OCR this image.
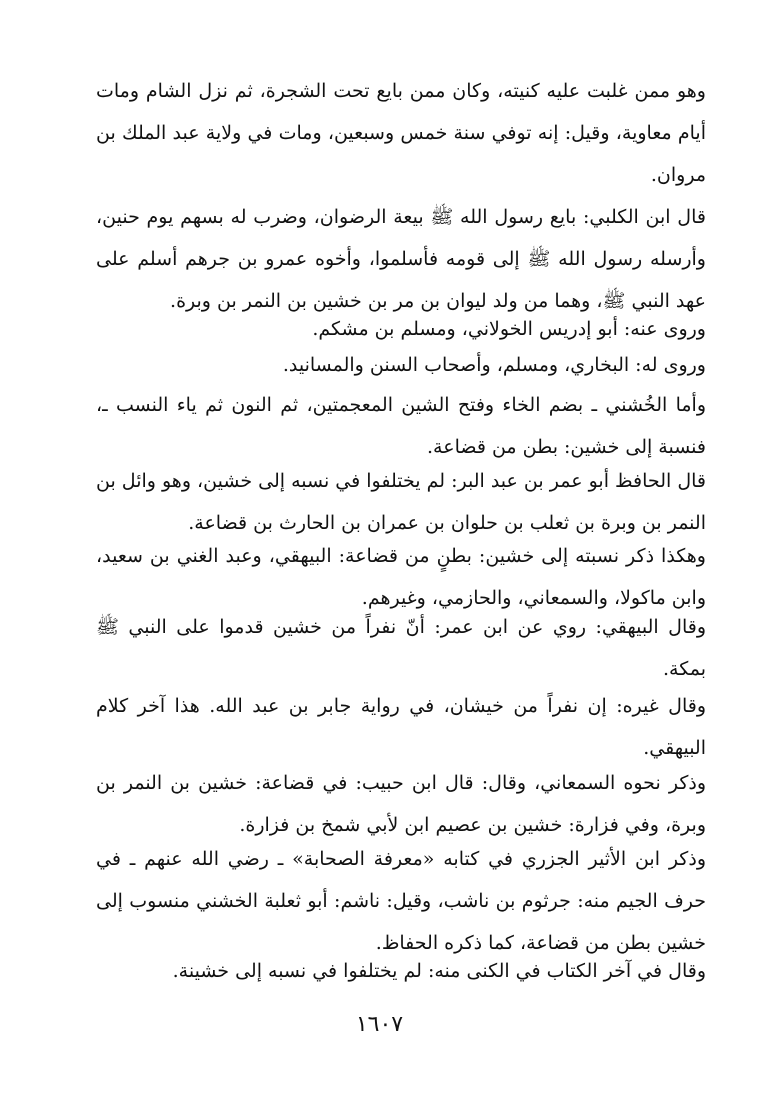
وهو ممن غلبت عليه كنيته، وكان ممن بايع تحت الشجرة، ثم نزل الشام ومات أيام معاوية، وقيل: إنه توفي سنة خمس وسبعين، ومات في ولاية عبد الملك بن مروان.

قال ابن الكلبي: بايع رسول الله ﷺ بيعة الرضوان، وضرب له بسهم يوم حنين، وأرسله رسول الله ﷺ إلى قومه فأسلموا، وأخوه عمرو بن جرهم أسلم على عهد النبي ﷺ، وهما من ولد ليوان بن مر بن خشين بن النمر بن وبرة.

وروى عنه: أبو إدريس الخولاني، ومسلم بن مشكم.

وروى له: البخاري، ومسلم، وأصحاب السنن والمسانيد.

وأما الخُشني ـ بضم الخاء وفتح الشين المعجمتين، ثم النون ثم ياء النسب ـ، فنسبة إلى خشين: بطن من قضاعة.

قال الحافظ أبو عمر بن عبد البر: لم يختلفوا في نسبه إلى خشين، وهو وائل بن النمر بن وبرة بن ثعلب بن حلوان بن عمران بن الحارث بن قضاعة.

وهكذا ذكر نسبته إلى خشين: بطنٍ من قضاعة: البيهقي، وعبد الغني بن سعيد، وابن ماكولا، والسمعاني، والحازمي، وغيرهم.

وقال البيهقي: روي عن ابن عمر: أنّ نفراً من خشين قدموا على النبي ﷺ بمكة.

وقال غيره: إن نفراً من خيشان، في رواية جابر بن عبد الله. هذا آخر كلام البيهقي.

وذكر نحوه السمعاني، وقال: قال ابن حبيب: في قضاعة: خشين بن النمر بن وبرة، وفي فزارة: خشين بن عصيم ابن لأبي شمخ بن فزارة.

وذكر ابن الأثير الجزري في كتابه «معرفة الصحابة» ـ رضي الله عنهم ـ في حرف الجيم منه: جرثوم بن ناشب، وقيل: ناشم: أبو ثعلبة الخشني منسوب إلى خشين بطن من قضاعة، كما ذكره الحفاظ.

وقال في آخر الكتاب في الكنى منه: لم يختلفوا في نسبه إلى خشينة.

١٦٠٧
